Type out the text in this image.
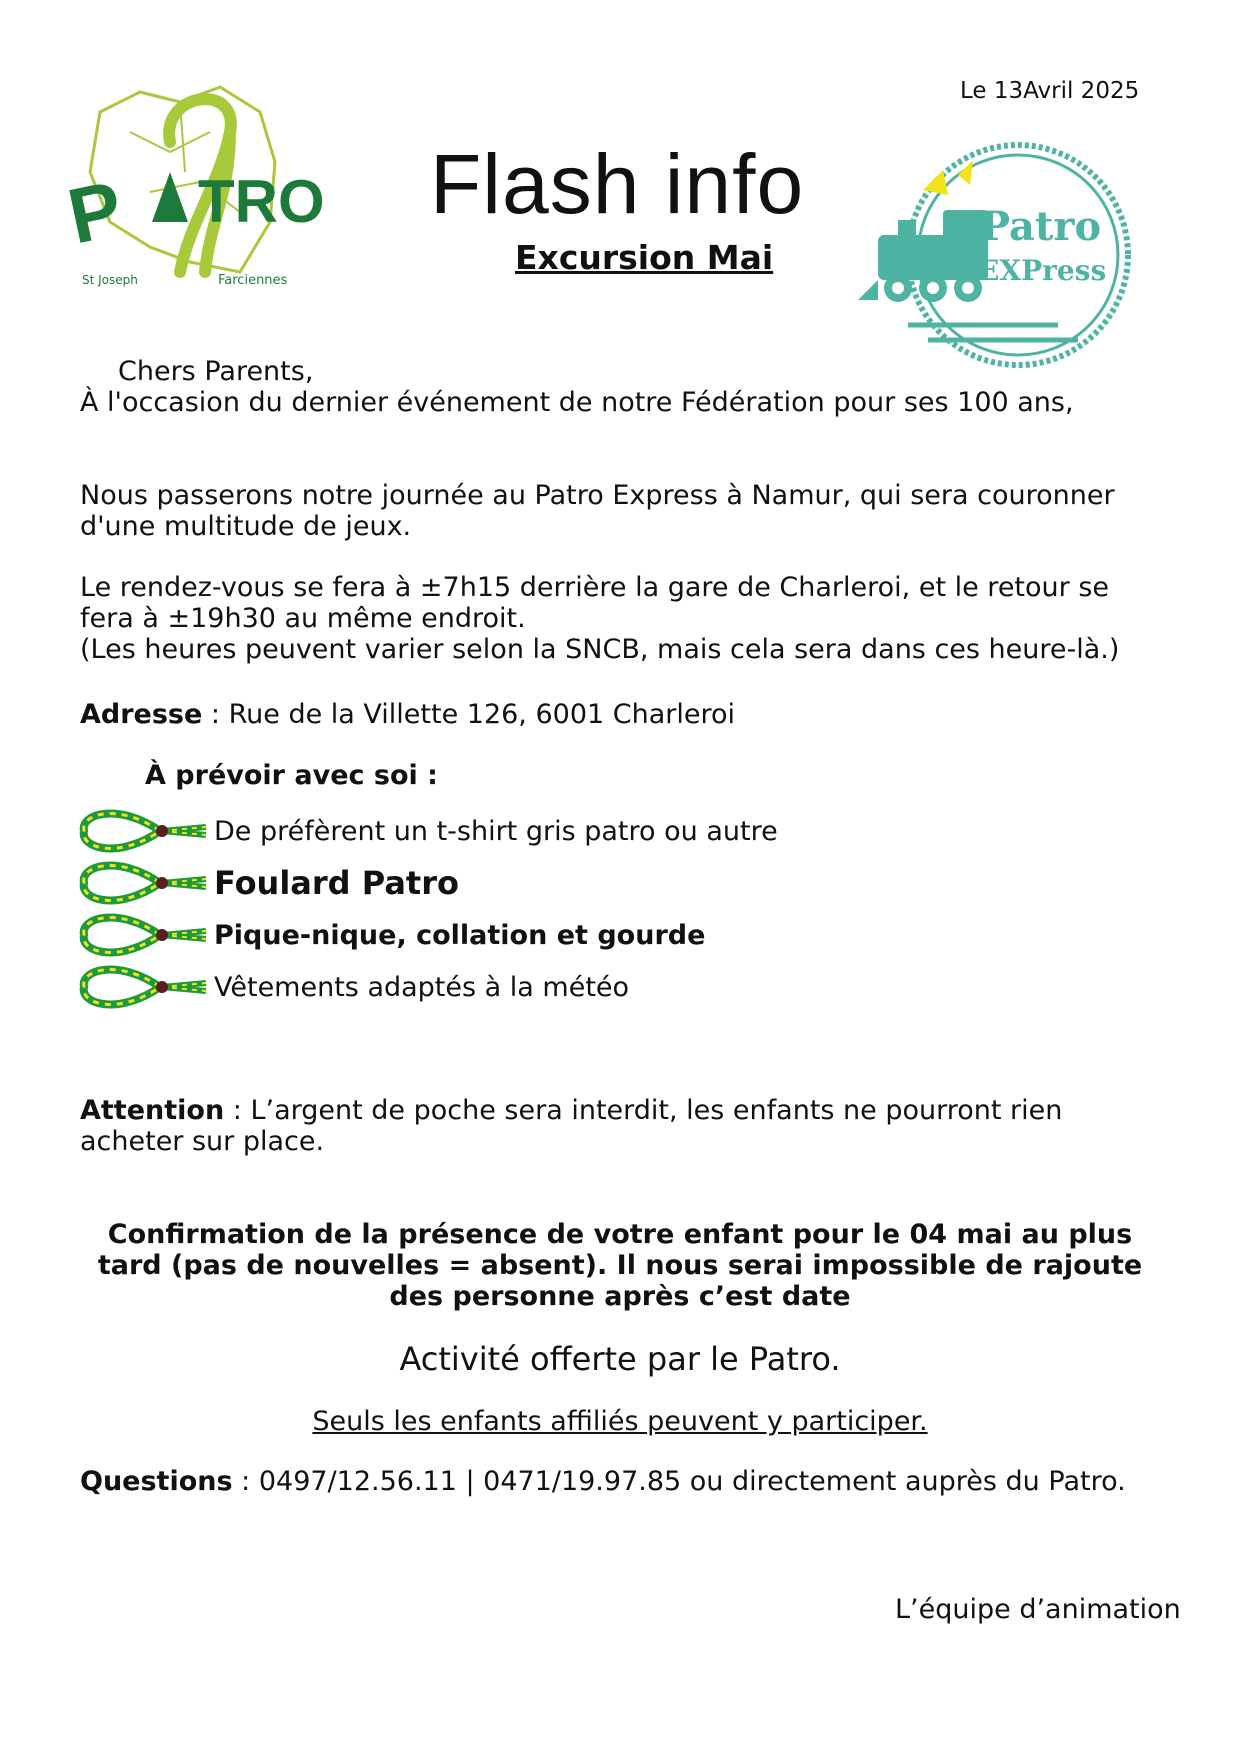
Le 13Avril 2025
Flash info
Excursion Mai
P TRO
St Joseph	Farciennes
Patro
EXPress
Chers Parents,
À l'occasion du dernier événement de notre Fédération pour ses 100 ans,
Nous passerons notre journée au Patro Express à Namur, qui sera couronner d'une multitude de jeux.
Le rendez-vous se fera à ±7h15 derrière la gare de Charleroi, et le retour se fera à ±19h30 au même endroit.
(Les heures peuvent varier selon la SNCB, mais cela sera dans ces heure-là.)
Adresse : Rue de la Villette 126, 6001 Charleroi
À prévoir avec soi :
De préfèrent un t-shirt gris patro ou autre
Foulard Patro
Pique-nique, collation et gourde
Vêtements adaptés à la météo
Attention : L’argent de poche sera interdit, les enfants ne pourront rien acheter sur place.
Confirmation de la présence de votre enfant pour le 04 mai au plus tard (pas de nouvelles = absent). Il nous serai impossible de rajoute des personne après c’est date
Activité offerte par le Patro.
Seuls les enfants affiliés peuvent y participer.
Questions : 0497/12.56.11 | 0471/19.97.85 ou directement auprès du Patro.
L’équipe d’animation
